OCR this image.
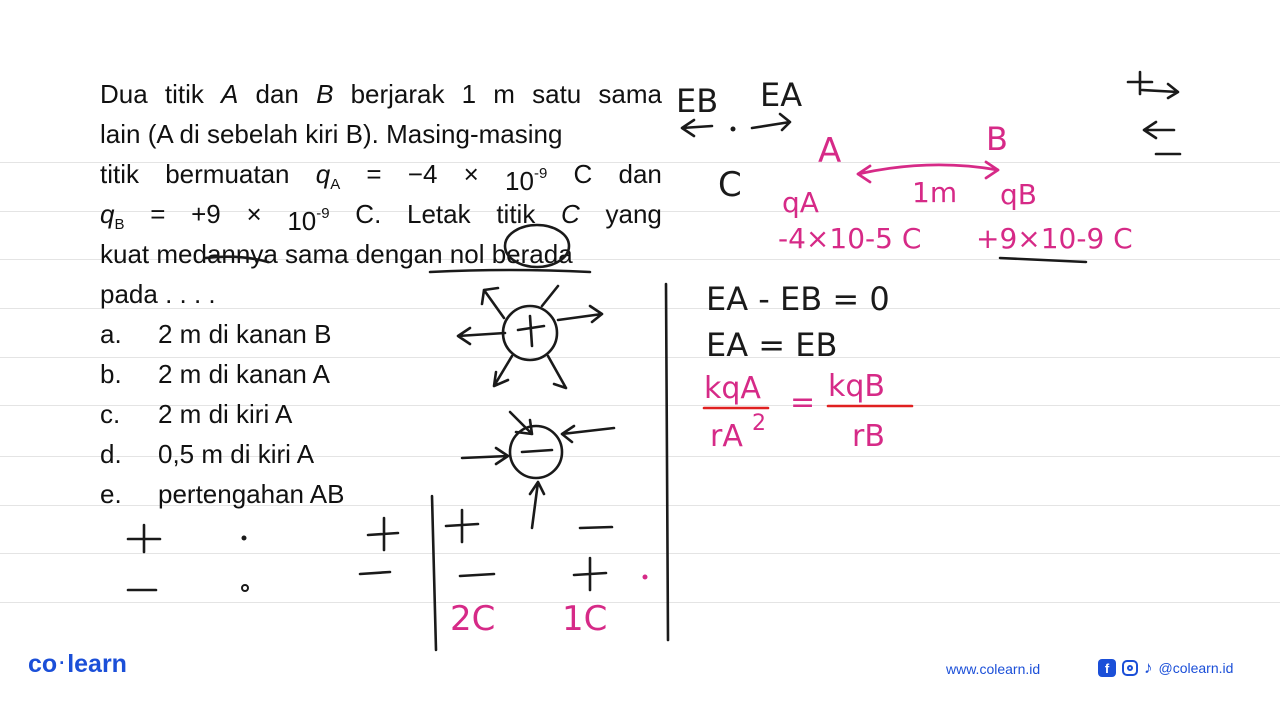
Dua titik A dan B berjarak 1 m satu sama
lain (A di sebelah kiri B). Masing-masing
titik bermuatan $q_A = -4 \times 10^{-9}$ C dan
$q_B = +9 \times 10^{-9}$ C. Letak titik C yang
kuat medannya sama dengan nol berada
pada . . . .
a.	2 m di kanan B
b.	2 m di kanan A
c.	2 m di kiri A
d.	0,5 m di kiri A
e.	pertengahan AB
2C 1C
EB EA
C
A	B
1m
qA	qB
-4×10-5 C +9×10-9 C
EA - EB = 0
EA = EB
kqA
rA 2
= kqB
rB
co ·learn	www.colearn.id	f	♪ @colearn.id
